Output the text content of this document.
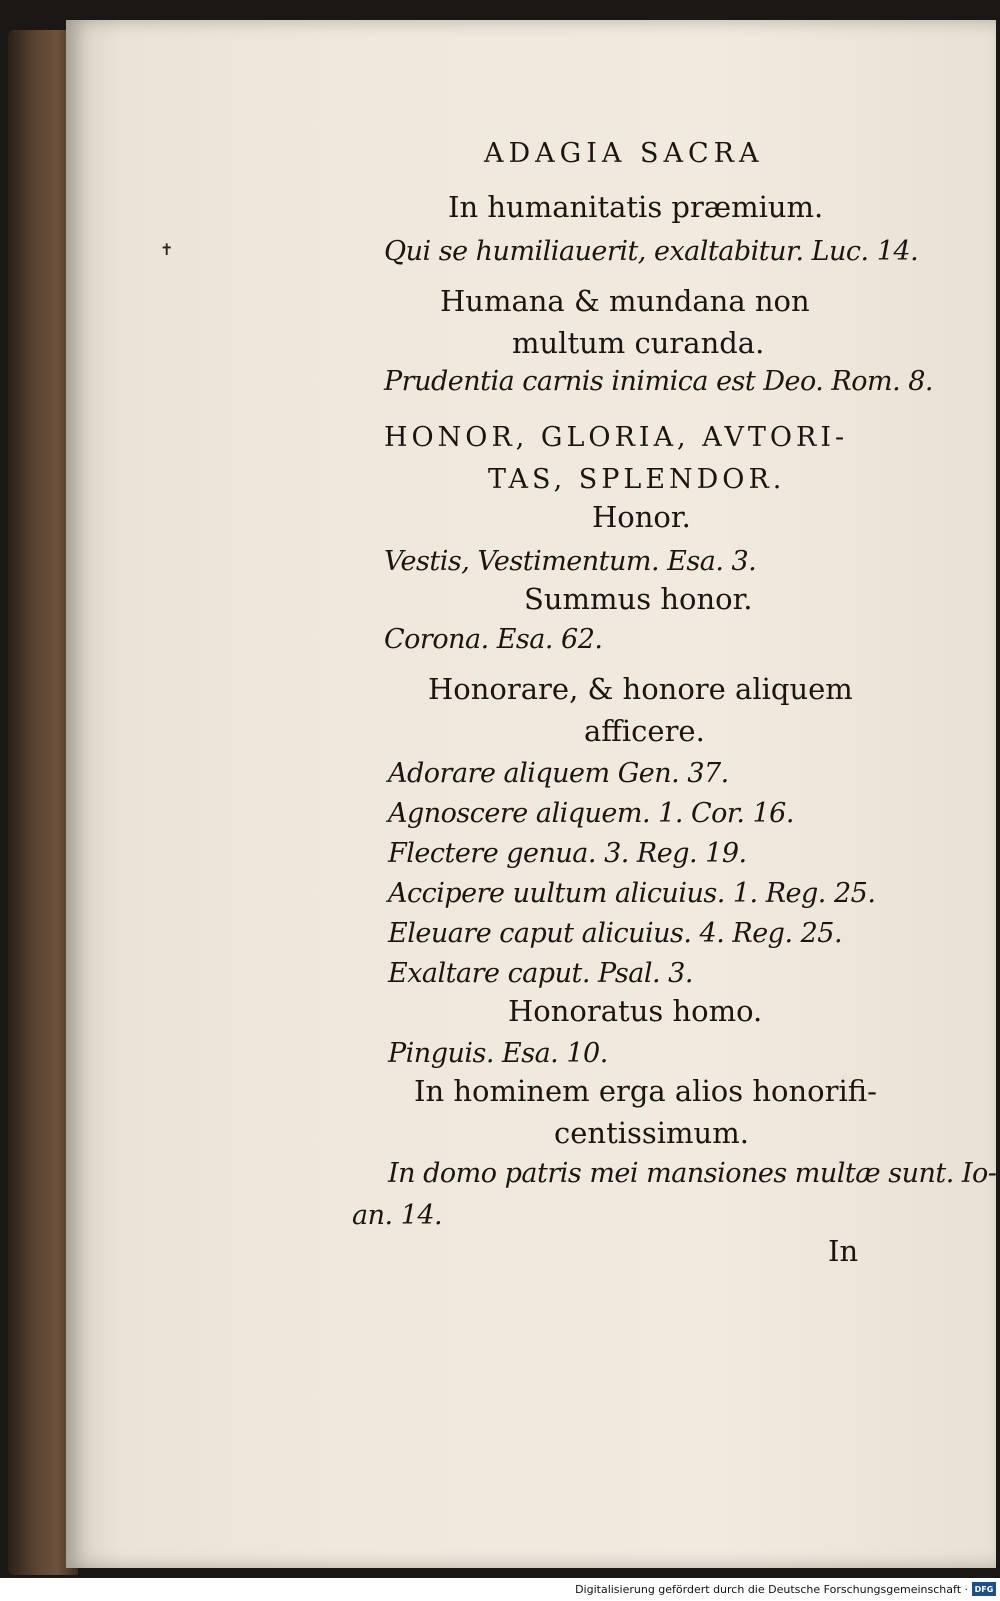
✝
ADAGIA SACRA
In humanitatis præmium.
Qui se humiliauerit, exaltabitur. Luc. 14.
Humana & mundana non
multum curanda.
Prudentia carnis inimica est Deo. Rom. 8.
HONOR, GLORIA, AVTORI-
TAS, SPLENDOR.
Honor.
Vestis, Vestimentum. Esa. 3.
Summus honor.
Corona. Esa. 62.
Honorare, & honore aliquem
afficere.
Adorare aliquem Gen. 37.
Agnoscere aliquem. 1. Cor. 16.
Flectere genua. 3. Reg. 19.
Accipere uultum alicuius. 1. Reg. 25.
Eleuare caput alicuius. 4. Reg. 25.
Exaltare caput. Psal. 3.
Honoratus homo.
Pinguis. Esa. 10.
In hominem erga alios honorifi-
centissimum.
In domo patris mei mansiones multæ sunt. Io-
an. 14.
In
Digitalisierung gefördert durch die Deutsche Forschungsgemeinschaft · DFG
